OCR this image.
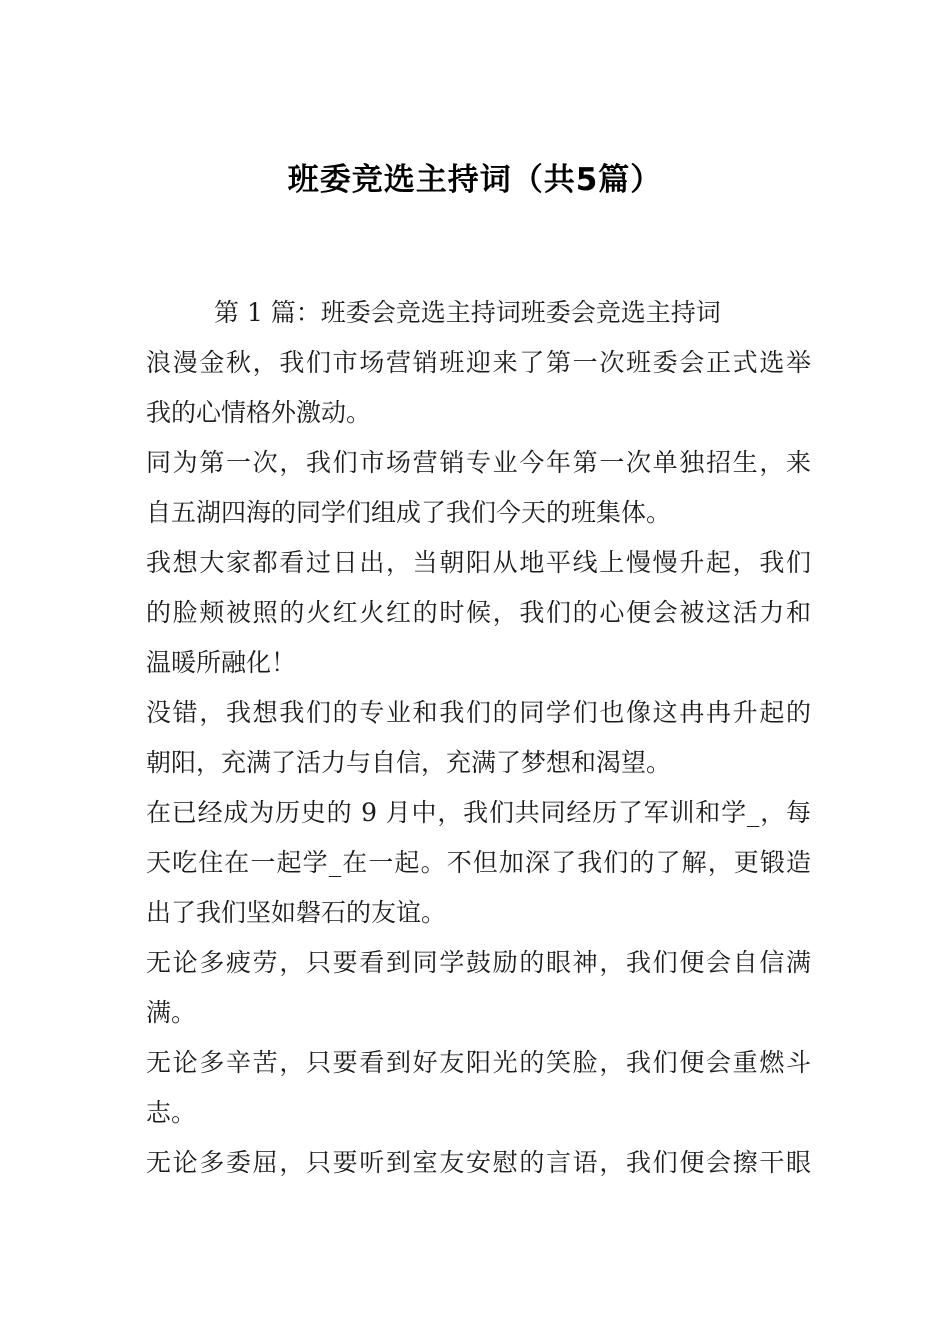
班委竞选主持词（共5篇）
第 1 篇：班委会竞选主持词班委会竞选主持词
浪漫金秋，我们市场营销班迎来了第一次班委会正式选举
我的心情格外激动。
同为第一次，我们市场营销专业今年第一次单独招生，来
自五湖四海的同学们组成了我们今天的班集体。
我想大家都看过日出，当朝阳从地平线上慢慢升起，我们
的脸颊被照的火红火红的时候，我们的心便会被这活力和
温暖所融化！
没错，我想我们的专业和我们的同学们也像这冉冉升起的
朝阳，充满了活力与自信，充满了梦想和渴望。
在已经成为历史的 9 月中，我们共同经历了军训和学_，每
天吃住在一起学_在一起。不但加深了我们的了解，更锻造
出了我们坚如磐石的友谊。
无论多疲劳，只要看到同学鼓励的眼神，我们便会自信满
满。
无论多辛苦，只要看到好友阳光的笑脸，我们便会重燃斗
志。
无论多委屈，只要听到室友安慰的言语，我们便会擦干眼
